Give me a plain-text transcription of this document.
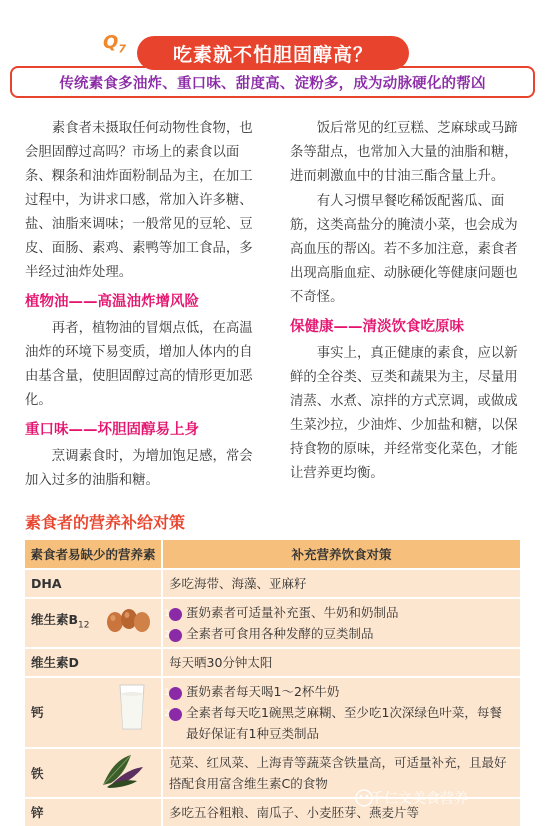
$Q_7$ 吃素就不怕胆固醇高？
传统素食多油炸、重口味、甜度高、淀粉多，成为动脉硬化的帮凶

素食者未摄取任何动物性食物，也会胆固醇过高吗？市场上的素食以面条、粿条和油炸面粉制品为主，在加工过程中，为讲求口感，常加入许多糖、盐、油脂来调味；一般常见的豆轮、豆皮、面肠、素鸡、素鸭等加工食品，多半经过油炸处理。

植物油——高温油炸增风险

再者，植物油的冒烟点低，在高温油炸的环境下易变质，增加人体内的自由基含量，使胆固醇过高的情形更加恶化。

重口味——坏胆固醇易上身

烹调素食时，为增加饱足感，常会加入过多的油脂和糖。

饭后常见的红豆糕、芝麻球或马蹄条等甜点，也常加入大量的油脂和糖，进而刺激血中的甘油三酯含量上升。

有人习惯早餐吃稀饭配酱瓜、面筋，这类高盐分的腌渍小菜，也会成为高血压的帮凶。若不多加注意，素食者出现高脂血症、动脉硬化等健康问题也不奇怪。

保健康——清淡饮食吃原味

事实上，真正健康的素食，应以新鲜的全谷类、豆类和蔬果为主，尽量用清蒸、水煮、凉拌的方式烹调，或做成生菜沙拉，少油炸、少加盐和糖，以保持食物的原味，并经常变化菜色，才能让营养更均衡。

素食者的营养补给对策
素食者易缺少的营养素	补充营养饮食对策
DHA	多吃海带、海藻、亚麻籽
维生素$B_{12}$	1 蛋奶素者可适量补充蛋、牛奶和奶制品
2 全素者可食用各种发酵的豆类制品

维生素D	每天晒30分钟太阳
钙	1 蛋奶素者每天喝1～2杯牛奶
2 全素者每天吃1碗黑芝麻糊、至少吃1次深绿色叶菜，每餐最好保证有1种豆类制品

铁	苋菜、红凤菜、上海青等蔬菜含铁量高，可适量补充，且最好搭配食用富含维生素C的食物
锌	多吃五谷粗粮、南瓜子、小麦胚芽、燕麦片等
千仁文美食营养
